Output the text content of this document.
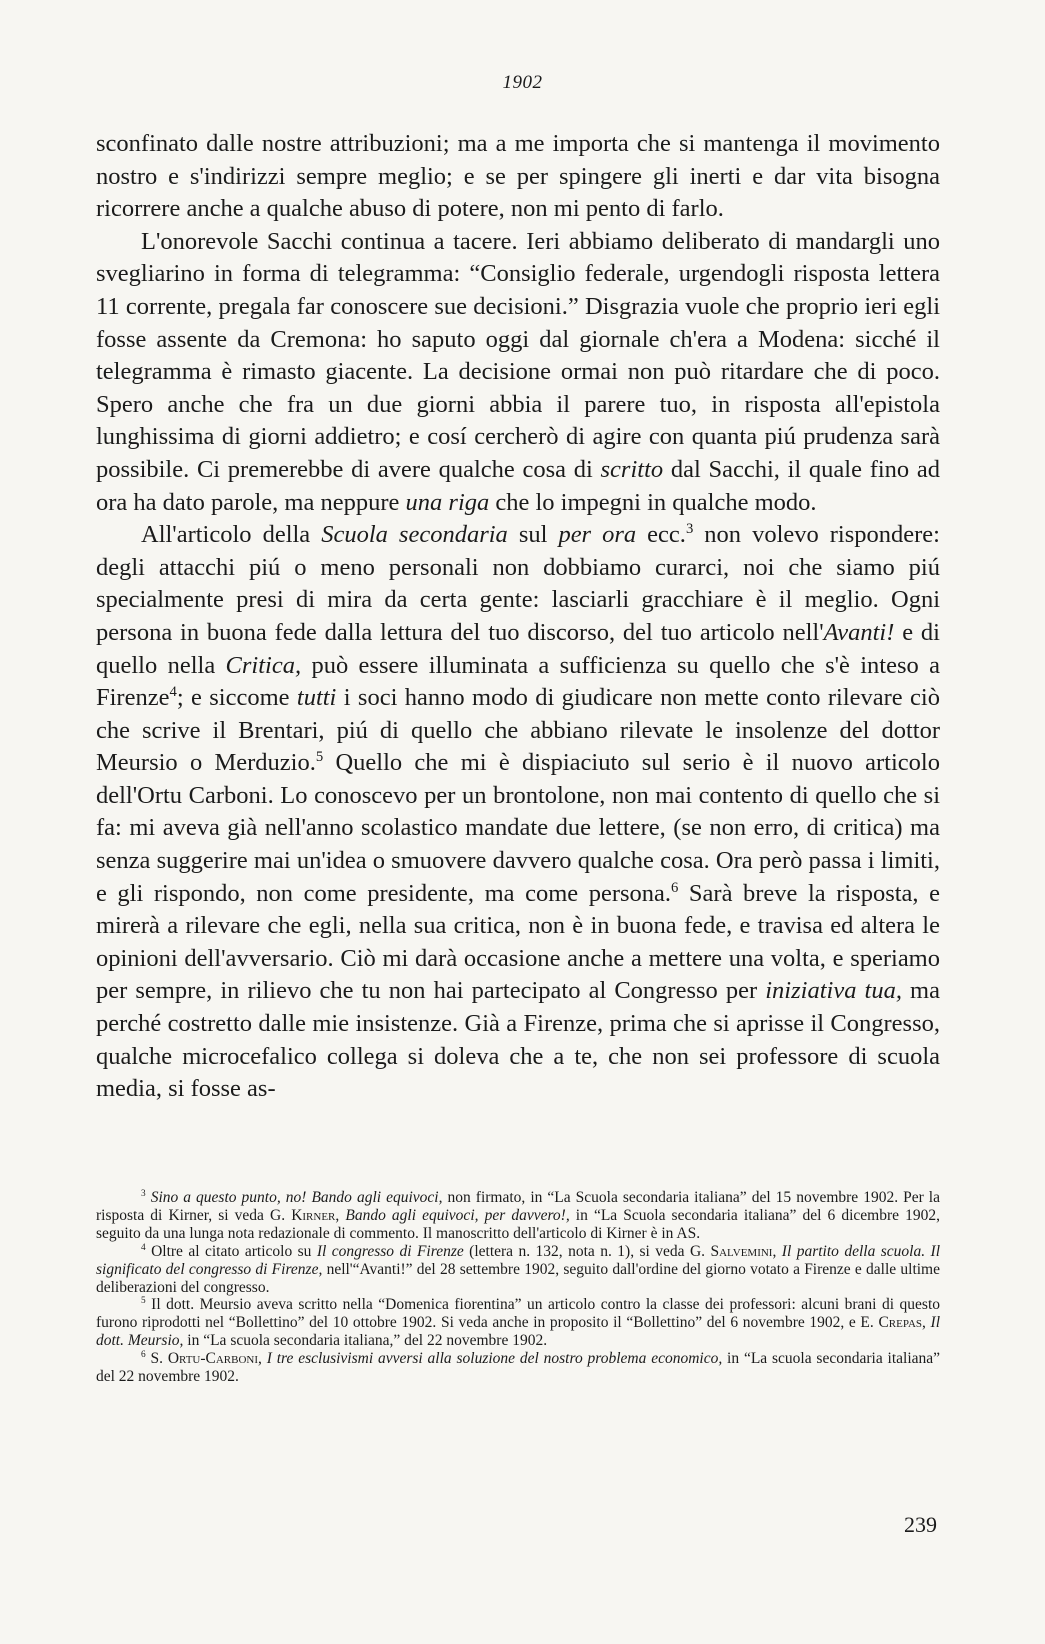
1902

sconfinato dalle nostre attribuzioni; ma a me importa che si mantenga il movimento nostro e s'indirizzi sempre meglio; e se per spingere gli inerti e dar vita bisogna ricorrere anche a qualche abuso di potere, non mi pento di farlo.

L'onorevole Sacchi continua a tacere. Ieri abbiamo deliberato di mandargli uno svegliarino in forma di telegramma: “Consiglio federale, urgendogli risposta lettera 11 corrente, pregala far conoscere sue decisioni.” Disgrazia vuole che proprio ieri egli fosse assente da Cremona: ho saputo oggi dal giornale ch'era a Modena: sicché il telegramma è rimasto giacente. La decisione ormai non può ritardare che di poco. Spero anche che fra un due giorni abbia il parere tuo, in risposta all'epistola lunghissima di giorni addietro; e cosí cercherò di agire con quanta piú prudenza sarà possibile. Ci premerebbe di avere qualche cosa di scritto dal Sacchi, il quale fino ad ora ha dato parole, ma neppure una riga che lo impegni in qualche modo.

All'articolo della Scuola secondaria sul per ora ecc.$^3$ non volevo rispondere: degli attacchi piú o meno personali non dobbiamo curarci, noi che siamo piú specialmente presi di mira da certa gente: lasciarli gracchiare è il meglio. Ogni persona in buona fede dalla lettura del tuo discorso, del tuo articolo nell'Avanti! e di quello nella Critica, può essere illuminata a sufficienza su quello che s'è inteso a Firenze$^4$; e siccome tutti i soci hanno modo di giudicare non mette conto rilevare ciò che scrive il Brentari, piú di quello che abbiano rilevate le insolenze del dottor Meursio o Merduzio.$^5$ Quello che mi è dispiaciuto sul serio è il nuovo articolo dell'Ortu Carboni. Lo conoscevo per un brontolone, non mai contento di quello che si fa: mi aveva già nell'anno scolastico mandate due lettere, (se non erro, di critica) ma senza suggerire mai un'idea o smuovere davvero qualche cosa. Ora però passa i limiti, e gli rispondo, non come presidente, ma come persona.$^6$ Sarà breve la risposta, e mirerà a rilevare che egli, nella sua critica, non è in buona fede, e travisa ed altera le opinioni dell'avversario. Ciò mi darà occasione anche a mettere una volta, e speriamo per sempre, in rilievo che tu non hai partecipato al Congresso per iniziativa tua, ma perché costretto dalle mie insistenze. Già a Firenze, prima che si aprisse il Congresso, qualche microcefalico collega si doleva che a te, che non sei professore di scuola media, si fosse as-

$^3$ Sino a questo punto, no! Bando agli equivoci, non firmato, in “La Scuola secondaria italiana” del 15 novembre 1902. Per la risposta di Kirner, si veda G. Kirner, Bando agli equivoci, per davvero!, in “La Scuola secondaria italiana” del 6 dicembre 1902, seguito da una lunga nota redazionale di commento. Il manoscritto dell'articolo di Kirner è in AS.

$^4$ Oltre al citato articolo su Il congresso di Firenze (lettera n. 132, nota n. 1), si veda G. Salvemini, Il partito della scuola. Il significato del congresso di Firenze, nell'“Avanti!” del 28 settembre 1902, seguito dall'ordine del giorno votato a Firenze e dalle ultime deliberazioni del congresso.

$^5$ Il dott. Meursio aveva scritto nella “Domenica fiorentina” un articolo contro la classe dei professori: alcuni brani di questo furono riprodotti nel “Bollettino” del 10 ottobre 1902. Si veda anche in proposito il “Bollettino” del 6 novembre 1902, e E. Crepas, Il dott. Meursio, in “La scuola secondaria italiana,” del 22 novembre 1902.

$^6$ S. Ortu-Carboni, I tre esclusivismi avversi alla soluzione del nostro problema economico, in “La scuola secondaria italiana” del 22 novembre 1902.

239
